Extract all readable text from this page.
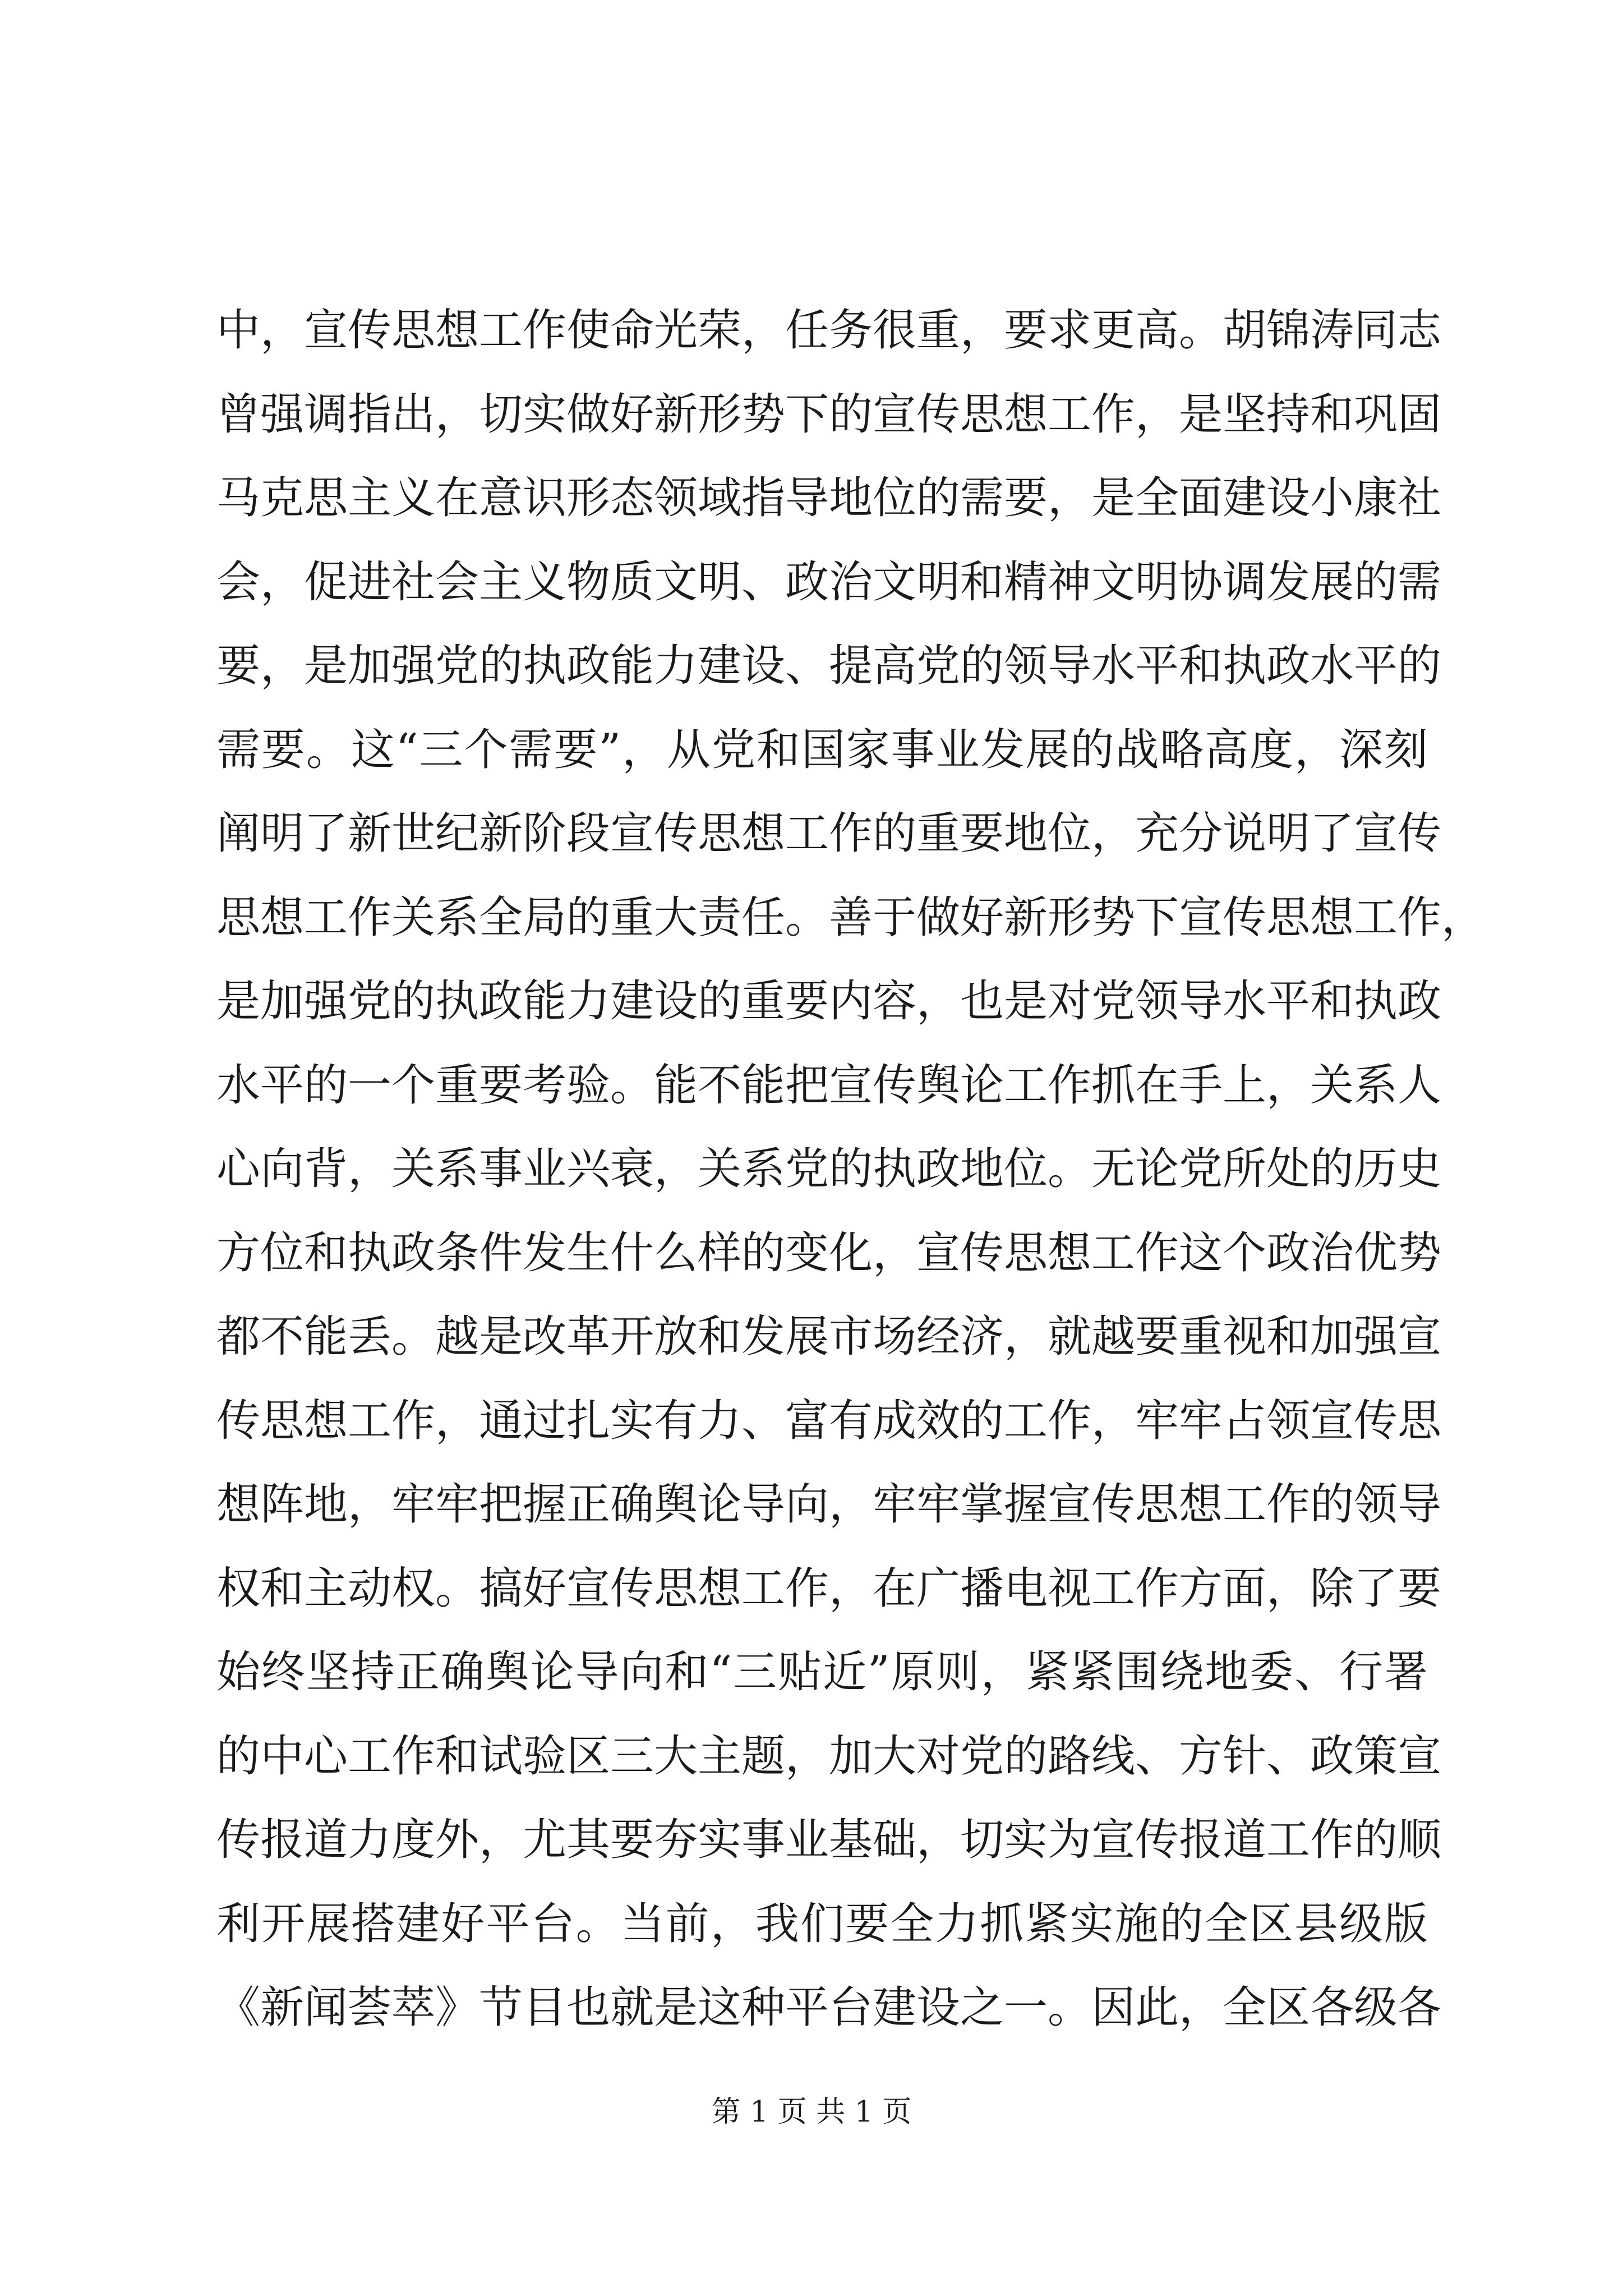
中，宣传思想工作使命光荣，任务很重，要求更高。胡锦涛同志
曾强调指出，切实做好新形势下的宣传思想工作，是坚持和巩固
马克思主义在意识形态领域指导地位的需要，是全面建设小康社
会，促进社会主义物质文明、政治文明和精神文明协调发展的需
要，是加强党的执政能力建设、提高党的领导水平和执政水平的
需要。这“三个需要”，从党和国家事业发展的战略高度，深刻
阐明了新世纪新阶段宣传思想工作的重要地位，充分说明了宣传
思想工作关系全局的重大责任。善于做好新形势下宣传思想工作，
是加强党的执政能力建设的重要内容，也是对党领导水平和执政
水平的一个重要考验。能不能把宣传舆论工作抓在手上，关系人
心向背，关系事业兴衰，关系党的执政地位。无论党所处的历史
方位和执政条件发生什么样的变化，宣传思想工作这个政治优势
都不能丢。越是改革开放和发展市场经济，就越要重视和加强宣
传思想工作，通过扎实有力、富有成效的工作，牢牢占领宣传思
想阵地，牢牢把握正确舆论导向，牢牢掌握宣传思想工作的领导
权和主动权。搞好宣传思想工作，在广播电视工作方面，除了要
始终坚持正确舆论导向和“三贴近”原则，紧紧围绕地委、行署
的中心工作和试验区三大主题，加大对党的路线、方针、政策宣
传报道力度外，尤其要夯实事业基础，切实为宣传报道工作的顺
利开展搭建好平台。当前，我们要全力抓紧实施的全区县级版
《新闻荟萃》节目也就是这种平台建设之一。因此，全区各级各
第 1 页 共 1 页
